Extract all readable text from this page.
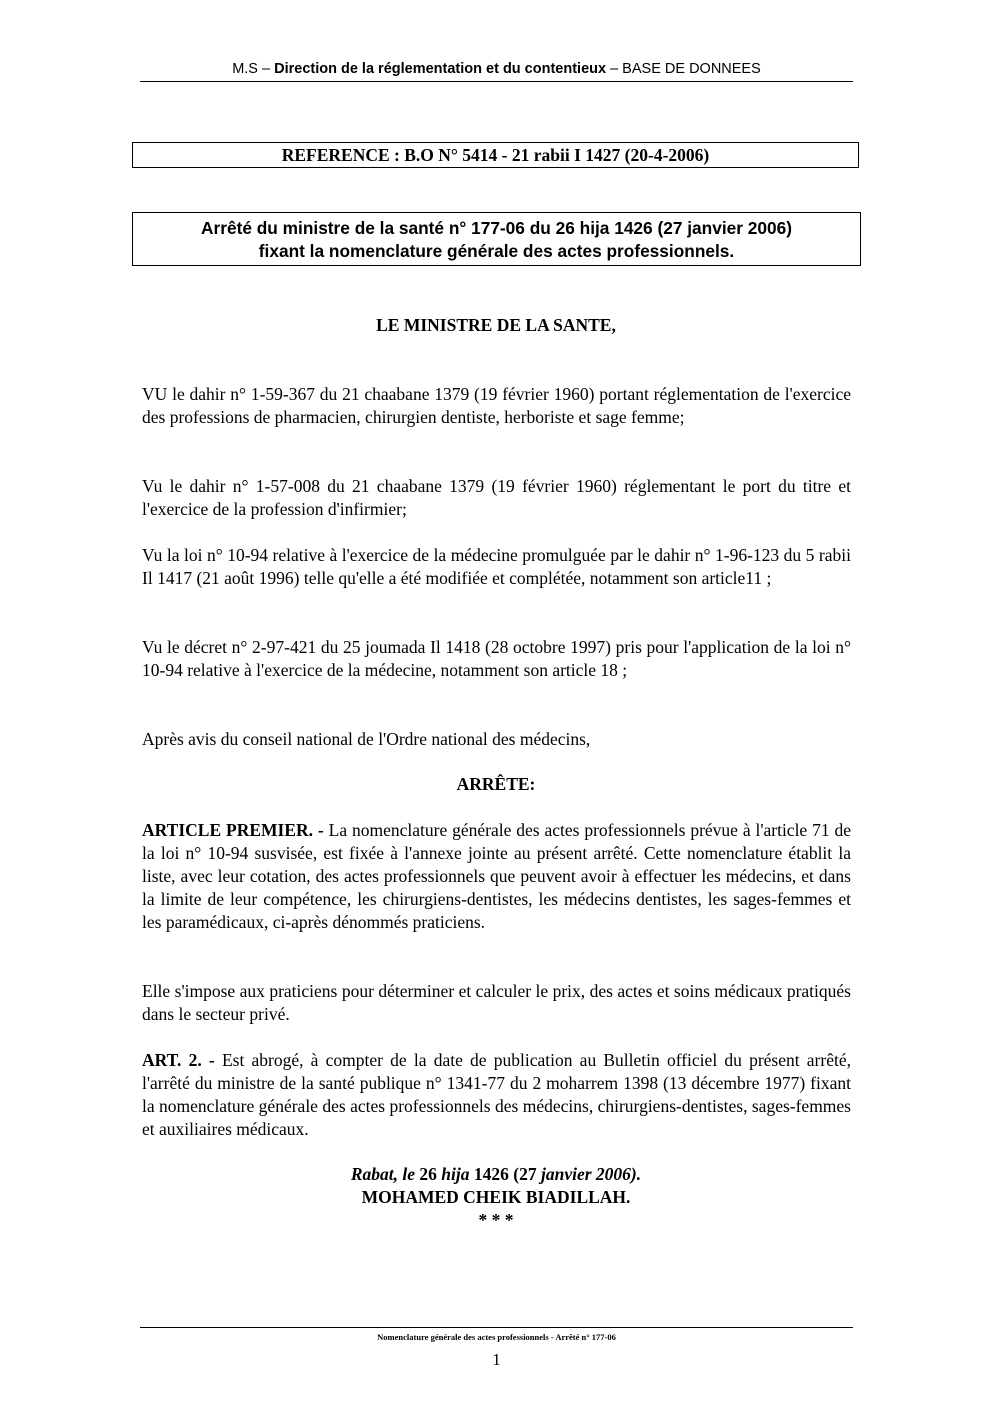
M.S – Direction de la réglementation et du contentieux – BASE DE DONNEES
REFERENCE : B.O N° 5414 - 21 rabii I 1427 (20-4-2006)
Arrêté du ministre de la santé n° 177-06 du 26 hija 1426 (27 janvier 2006)
fixant la nomenclature générale des actes professionnels.
LE MINISTRE DE LA SANTE,

VU le dahir n° 1-59-367 du 21 chaabane 1379 (19 février 1960) portant réglementation de l'exercice des professions de pharmacien, chirurgien dentiste, herboriste et sage femme;

Vu le dahir n° 1-57-008 du 21 chaabane 1379 (19 février 1960) réglementant le port du titre et l'exercice de la profession d'infirmier;

Vu la loi n° 10-94 relative à l'exercice de la médecine promulguée par le dahir n° 1-96-123 du 5 rabii Il 1417 (21 août 1996) telle qu'elle a été modifiée et complétée, notamment son article11 ;

Vu le décret n° 2-97-421 du 25 joumada Il 1418 (28 octobre 1997) pris pour l'application de la loi n° 10-94 relative à l'exercice de la médecine, notamment son article 18 ;

Après avis du conseil national de l'Ordre national des médecins,

ARRÊTE:

ARTICLE PREMIER. - La nomenclature générale des actes professionnels prévue à l'article 71 de la loi n° 10-94 susvisée, est fixée à l'annexe jointe au présent arrêté. Cette nomenclature établit la liste, avec leur cotation, des actes professionnels que peuvent avoir à effectuer les médecins, et dans la limite de leur compétence, les chirurgiens-dentistes, les médecins dentistes, les sages-femmes et les paramédicaux, ci-après dénommés praticiens.

Elle s'impose aux praticiens pour déterminer et calculer le prix, des actes et soins médicaux pratiqués dans le secteur privé.

ART. 2. - Est abrogé, à compter de la date de publication au Bulletin officiel du présent arrêté, l'arrêté du ministre de la santé publique n° 1341-77 du 2 moharrem 1398 (13 décembre 1977) fixant la nomenclature générale des actes professionnels des médecins, chirurgiens-dentistes, sages-femmes et auxiliaires médicaux.

Rabat, le 26 hija 1426 (27 janvier 2006).
MOHAMED CHEIK BIADILLAH.
* * *
Nomenclature générale des actes professionnels - Arrêté n° 177-06
1
